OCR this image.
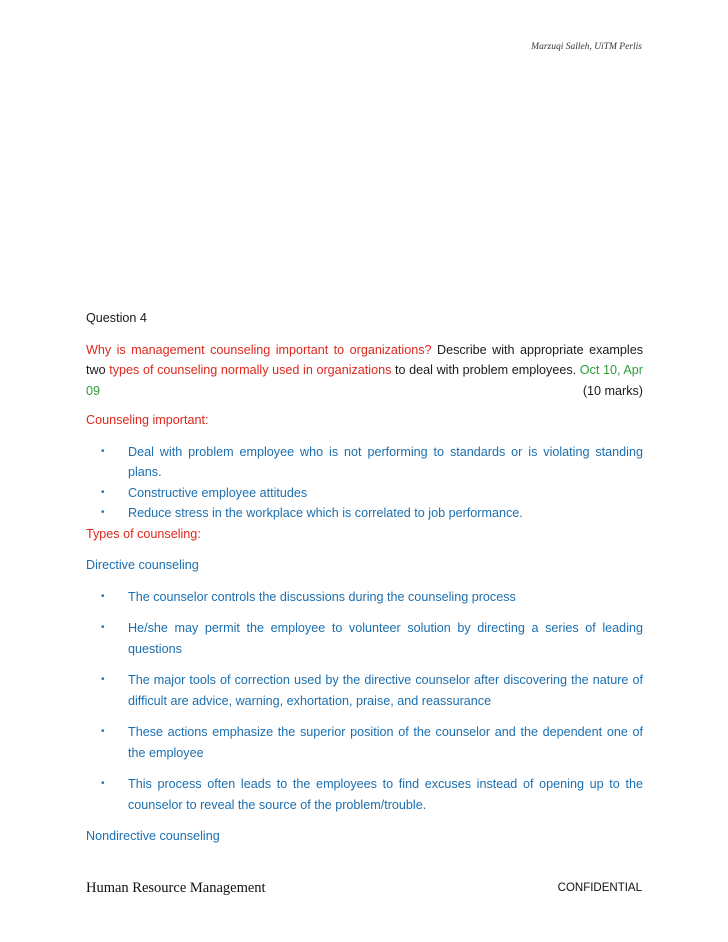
Marzuqi Salleh, UiTM Perlis

Question 4

Why is management counseling important to organizations? Describe with appropriate examples two types of counseling normally used in organizations to deal with problem employees. Oct 10, Apr 09	(10 marks)

Counseling important:

• Deal with problem employee who is not performing to standards or is violating standing plans.
• Constructive employee attitudes
• Reduce stress in the workplace which is correlated to job performance.

Types of counseling:

Directive counseling

• The counselor controls the discussions during the counseling process
• He/she may permit the employee to volunteer solution by directing a series of leading questions
• The major tools of correction used by the directive counselor after discovering the nature of difficult are advice, warning, exhortation, praise, and reassurance
• These actions emphasize the superior position of the counselor and the dependent one of the employee
• This process often leads to the employees to find excuses instead of opening up to the counselor to reveal the source of the problem/trouble.

Nondirective counseling

Human Resource Management	CONFIDENTIAL
